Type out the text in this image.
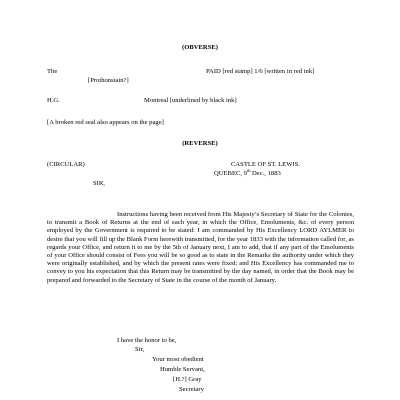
(OBVERSE)
The	PAID [red stamp] 1/6 [written in red ink]
[Prothonstain?]
H.G.	Montreal [underlined by black ink]
[A broken red seal also appears on the page]
(REVERSE)
(CIRCULAR)	CASTLE OF ST. LEWIS.
QUEBEC, 9th Dec., 1883
SIR,
Instructions having been received from His Majesty’s Secretary of State for the Colonies, to transmit a Book of Returns at the end of each year, in which the Office, Emoluments, &c. of every person employed by the Government is required to be stated: I am commanded by His Excellency LORD AYLMER to desire that you will fill up the Blank Form herewith transmitted, for the year 1833 with the information called for, as regards your Office, and return it to me by the 5th of January next, I am to add, that if any part of the Emoluments of your Office should consist of Fees you will be so good as to state in the Remarks the authority under which they were originally established, and by which the present rates were fixed; and His Excellency has commanded me to convey to you his expectation that this Return may be transmitted by the day named, in order that the Book may be prepared and forwarded to the Secretary of State in the course of the month of January.
I have the honor to be,
Sir,
Your most obedient
Humble Servant,
[H.?] Gray
Secretary
